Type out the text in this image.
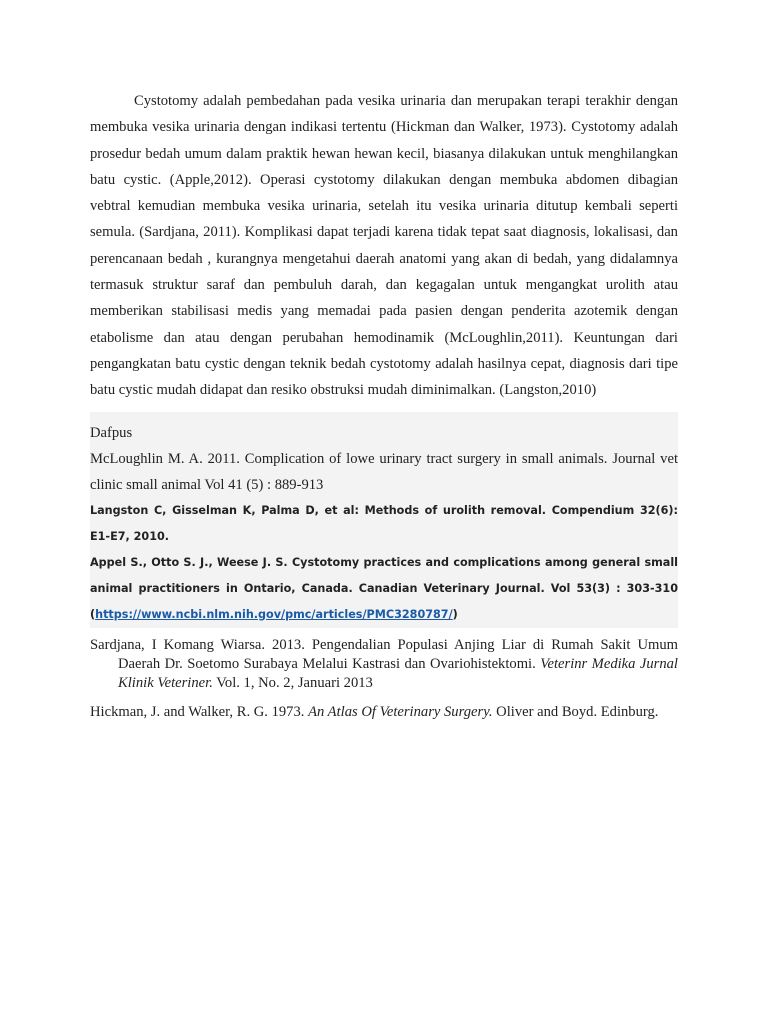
Cystotomy adalah pembedahan pada vesika urinaria dan merupakan terapi terakhir dengan membuka vesika urinaria dengan indikasi tertentu (Hickman dan Walker, 1973). Cystotomy adalah prosedur bedah umum dalam praktik hewan hewan kecil, biasanya dilakukan untuk menghilangkan batu cystic. (Apple,2012). Operasi cystotomy dilakukan dengan membuka abdomen dibagian vebtral kemudian membuka vesika urinaria, setelah itu vesika urinaria ditutup kembali seperti semula. (Sardjana, 2011). Komplikasi dapat terjadi karena tidak tepat saat diagnosis, lokalisasi, dan perencanaan bedah , kurangnya mengetahui daerah anatomi yang akan di bedah, yang didalamnya termasuk struktur saraf dan pembuluh darah, dan kegagalan untuk mengangkat urolith atau memberikan stabilisasi medis yang memadai pada pasien dengan penderita azotemik dengan etabolisme dan atau dengan perubahan hemodinamik (McLoughlin,2011). Keuntungan dari pengangkatan batu cystic dengan teknik bedah cystotomy adalah hasilnya cepat, diagnosis dari tipe batu cystic mudah didapat dan resiko obstruksi mudah diminimalkan. (Langston,2010)

Dafpus

McLoughlin M. A. 2011. Complication of lowe urinary tract surgery in small animals. Journal vet clinic small animal Vol 41 (5) : 889-913

Langston C, Gisselman K, Palma D, et al: Methods of urolith removal. Compendium 32(6): E1-E7, 2010.

Appel S., Otto S. J., Weese J. S. Cystotomy practices and complications among general small animal practitioners in Ontario, Canada. Canadian Veterinary Journal. Vol 53(3) : 303-310 (https://www.ncbi.nlm.nih.gov/pmc/articles/PMC3280787/)

Sardjana, I Komang Wiarsa. 2013. Pengendalian Populasi Anjing Liar di Rumah Sakit Umum Daerah Dr. Soetomo Surabaya Melalui Kastrasi dan Ovariohistektomi. Veterinr Medika Jurnal Klinik Veteriner. Vol. 1, No. 2, Januari 2013

Hickman, J. and Walker, R. G. 1973. An Atlas Of Veterinary Surgery. Oliver and Boyd. Edinburg.
